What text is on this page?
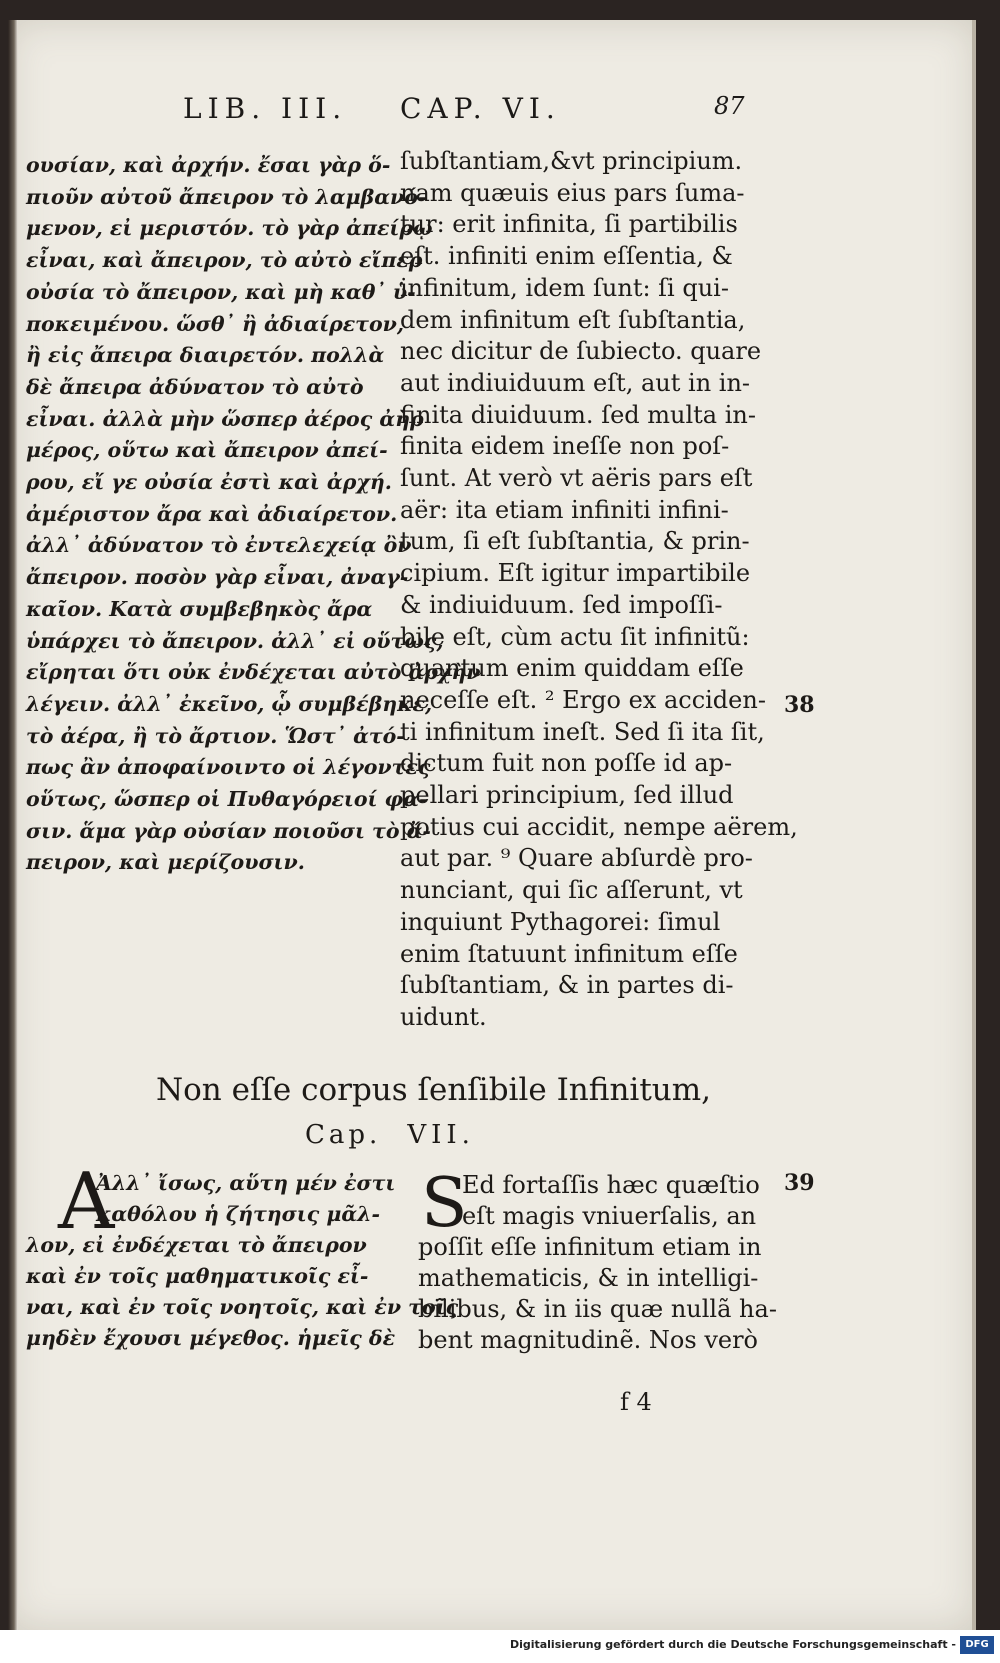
LIB. III. CAP. VI.	87
ουσίαν, καὶ ἀρχήν. ἔσαι γὰρ ὅ-
πιοῦν αὐτοῦ ἄπειρον τὸ λαμβανό-
μενον, εἰ μεριστόν. τὸ γὰρ ἀπείρῳ
εἶναι, καὶ ἄπειρον, τὸ αὐτὸ εἴπερ
οὐσία τὸ ἄπειρον, καὶ μὴ καθ᾽ ὑ-
ποκειμένου. ὥσθ᾽ ἢ ἀδιαίρετον,
ἢ εἰς ἄπειρα διαιρετόν. πολλὰ
δὲ ἄπειρα ἀδύνατον τὸ αὐτὸ
εἶναι. ἀλλὰ μὴν ὥσπερ ἀέρος ἀὴρ
μέρος, οὕτω καὶ ἄπειρον ἀπεί-
ρου, εἴ γε οὐσία ἐστὶ καὶ ἀρχή.
ἀμέριστον ἄρα καὶ ἀδιαίρετον.
ἀλλ᾽ ἀδύνατον τὸ ἐντελεχείᾳ ὂν
ἄπειρον. ποσὸν γὰρ εἶναι, ἀναγ-
καῖον. Κατὰ συμβεβηκὸς ἄρα
ὑπάρχει τὸ ἄπειρον. ἀλλ᾽ εἰ οὕτως,
εἴρηται ὅτι οὐκ ἐνδέχεται αὐτὸ ἀρχὴν
λέγειν. ἀλλ᾽ ἐκεῖνο, ᾧ συμβέβηκε,
τὸ ἀέρα, ἢ τὸ ἄρτιον. Ὥστ᾽ ἀτό-
πως ἂν ἀποφαίνοιντο οἱ λέγοντες
οὕτως, ὥσπερ οἱ Πυθαγόρειοί φα-
σιν. ἅμα γὰρ οὐσίαν ποιοῦσι τὸ ἄ-
πειρον, καὶ μερίζουσιν.
ſubſtantiam,&vt principium.
nam quæuis eius pars ſuma-
tur: erit infinita, ſi partibilis
eſt. infiniti enim eſſentia, &
infinitum, idem ſunt: ſi qui-
dem infinitum eſt ſubſtantia,
nec dicitur de ſubiecto. quare
aut indiuiduum eſt, aut in in-
finita diuiduum. ſed multa in-
finita eidem ineſſe non poſ-
ſunt. At verò vt aëris pars eſt
aër: ita etiam infiniti infini-
tum, ſi eſt ſubſtantia, & prin-
cipium. Eſt igitur impartibile
& indiuiduum. ſed impoſſi-
bile eſt, cùm actu ſit infinitũ:
quantum enim quiddam eſſe
neceſſe eſt. ² Ergo ex acciden-
ti infinitum ineſt. Sed ſi ita ſit,
dictum fuit non poſſe id ap-
pellari principium, ſed illud
potius cui accidit, nempe aërem,
aut par. ⁹ Quare abſurdè pro-
nunciant, qui ſic aſſerunt, vt
inquiunt Pythagorei: ſimul
enim ſtatuunt infinitum eſſe
ſubſtantiam, & in partes di-
uidunt.
38
Non eſſe corpus ſenſibile Infinitum,
Cap. VII.
A	S
Ἀλλ᾽ ἴσως, αὕτη μέν ἐστι
καθόλου ἡ ζήτησις μᾶλ-
λον, εἰ ἐνδέχεται τὸ ἄπειρον
καὶ ἐν τοῖς μαθηματικοῖς εἶ-
ναι, καὶ ἐν τοῖς νοητοῖς, καὶ ἐν τοῖς
μηδὲν ἔχουσι μέγεθος. ἡμεῖς δὲ
Ed fortaſſis hæc quæſtio
eſt magis vniuerſalis, an
poſſit eſſe infinitum etiam in
mathematicis, & in intelligi-
bilibus, & in iis quæ nullã ha-
bent magnitudinẽ. Nos verò
39
f 4
Digitalisierung gefördert durch die Deutsche Forschungsgemeinschaft - DFG
